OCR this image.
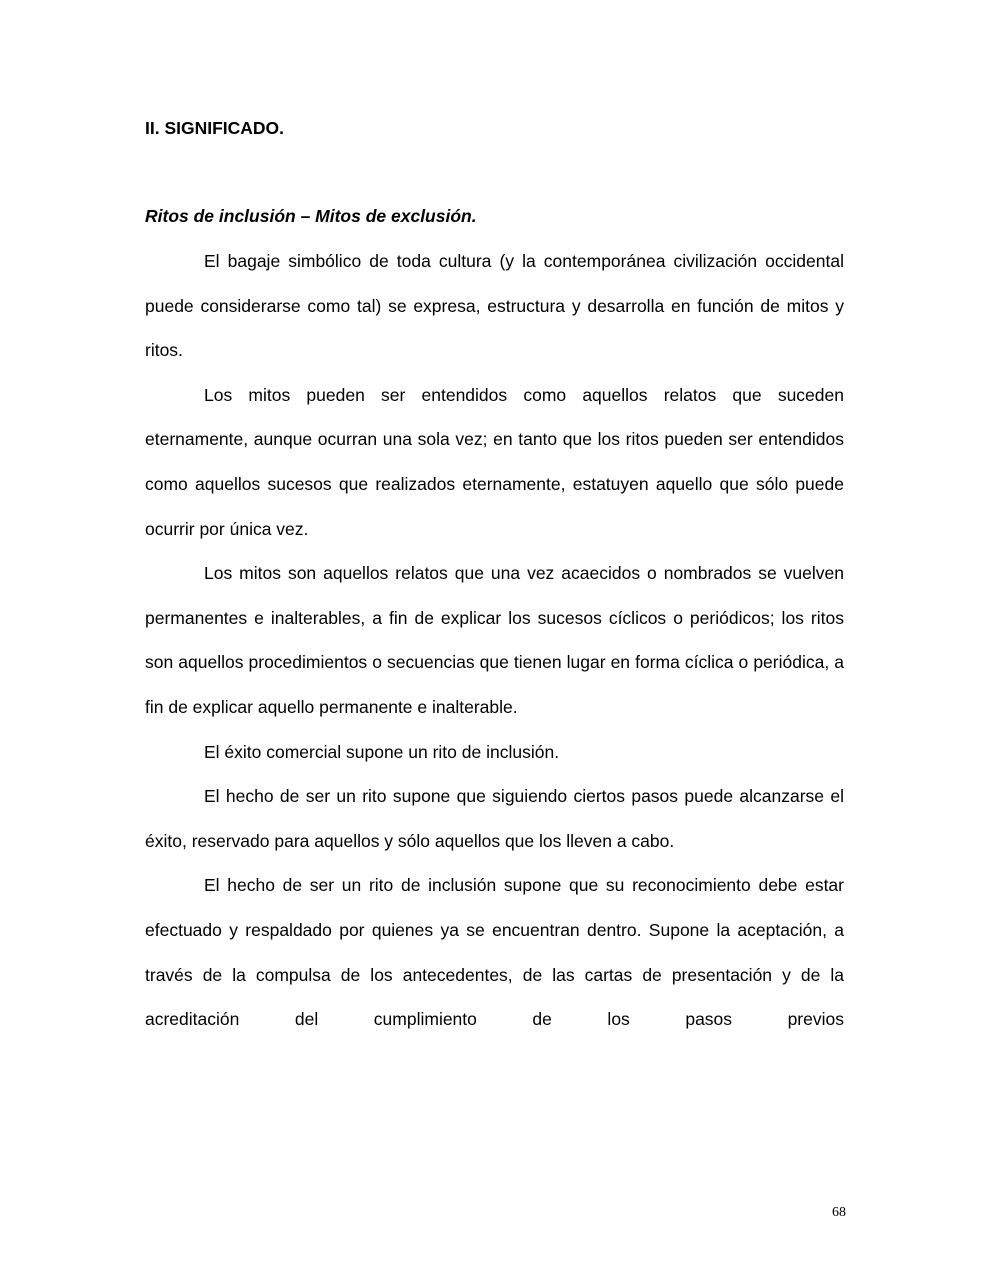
II. SIGNIFICADO.
Ritos de inclusión – Mitos de exclusión.

El bagaje simbólico de toda cultura (y la contemporánea civilización occidental puede considerarse como tal) se expresa, estructura y desarrolla en función de mitos y ritos.

Los mitos pueden ser entendidos como aquellos relatos que suceden eternamente, aunque ocurran una sola vez; en tanto que los ritos pueden ser entendidos como aquellos sucesos que realizados eternamente, estatuyen aquello que sólo puede ocurrir por única vez.

Los mitos son aquellos relatos que una vez acaecidos o nombrados se vuelven permanentes e inalterables, a fin de explicar los sucesos cíclicos o periódicos; los ritos son aquellos procedimientos o secuencias que tienen lugar en forma cíclica o periódica, a fin de explicar aquello permanente e inalterable.

El éxito comercial supone un rito de inclusión.

El hecho de ser un rito supone que siguiendo ciertos pasos puede alcanzarse el éxito, reservado para aquellos y sólo aquellos que los lleven a cabo.

El hecho de ser un rito de inclusión supone que su reconocimiento debe estar efectuado y respaldado por quienes ya se encuentran dentro. Supone la aceptación, a través de la compulsa de los antecedentes, de las cartas de presentación y de la acreditación del cumplimiento de los pasos previos

68
